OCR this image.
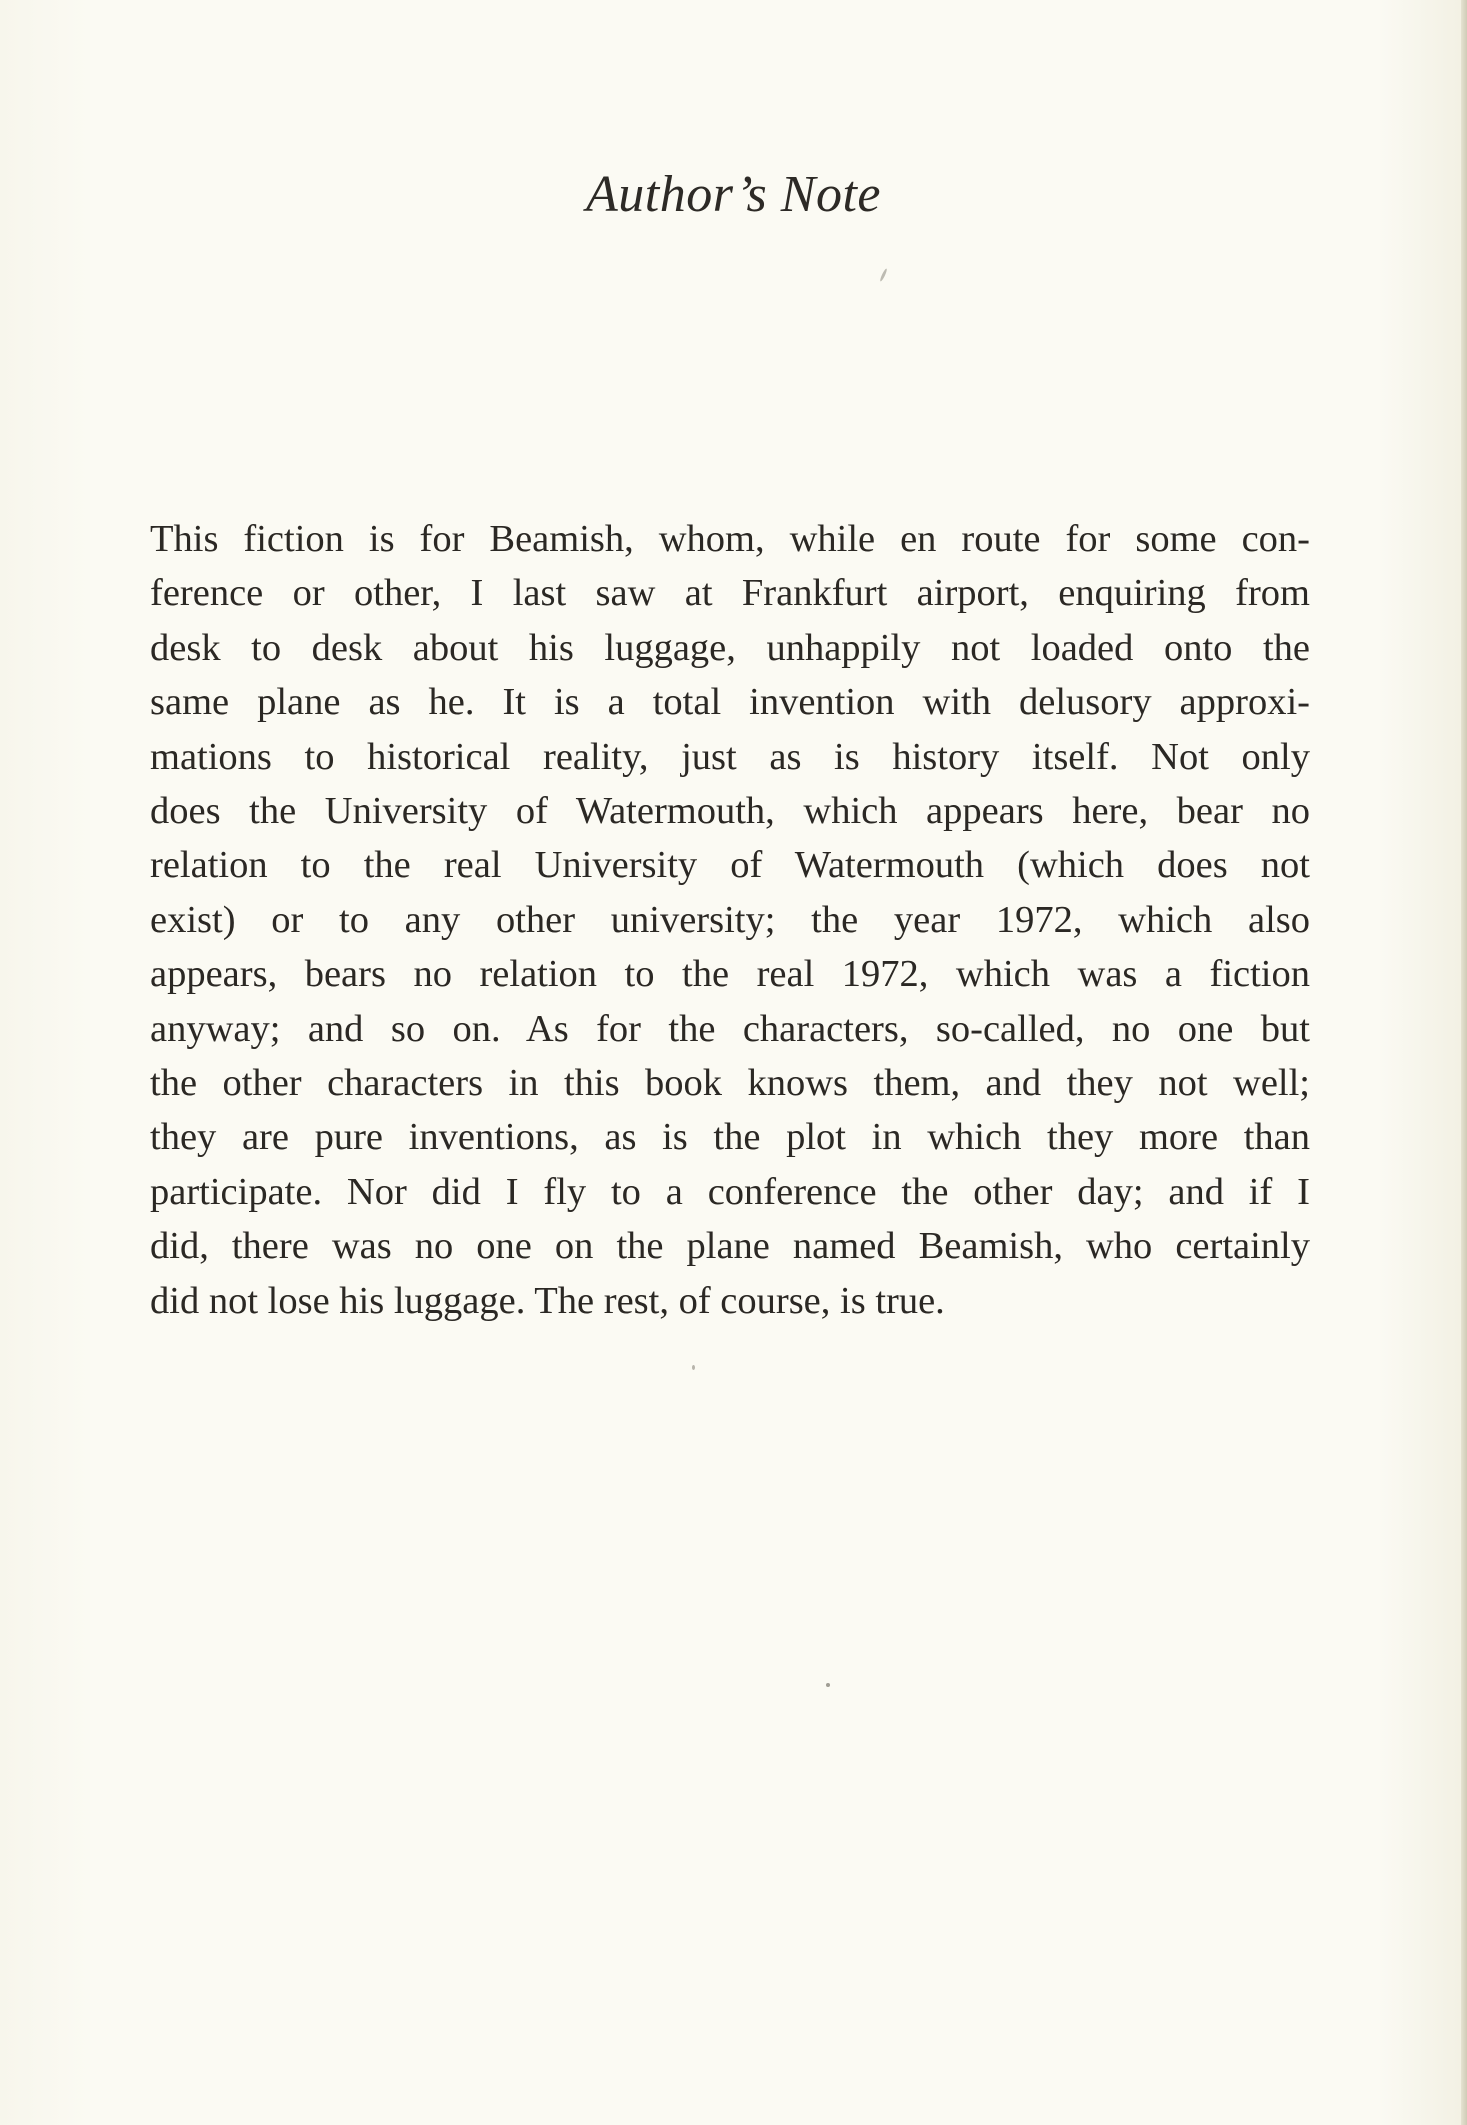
Author’s Note

This fiction is for Beamish, whom, while en route for some con-
ference or other, I last saw at Frankfurt airport, enquiring from
desk to desk about his luggage, unhappily not loaded onto the
same plane as he. It is a total invention with delusory approxi-
mations to historical reality, just as is history itself. Not only
does the University of Watermouth, which appears here, bear no
relation to the real University of Watermouth (which does not
exist) or to any other university; the year 1972, which also
appears, bears no relation to the real 1972, which was a fiction
anyway; and so on. As for the characters, so-called, no one but
the other characters in this book knows them, and they not well;
they are pure inventions, as is the plot in which they more than
participate. Nor did I fly to a conference the other day; and if I
did, there was no one on the plane named Beamish, who certainly
did not lose his luggage. The rest, of course, is true.
